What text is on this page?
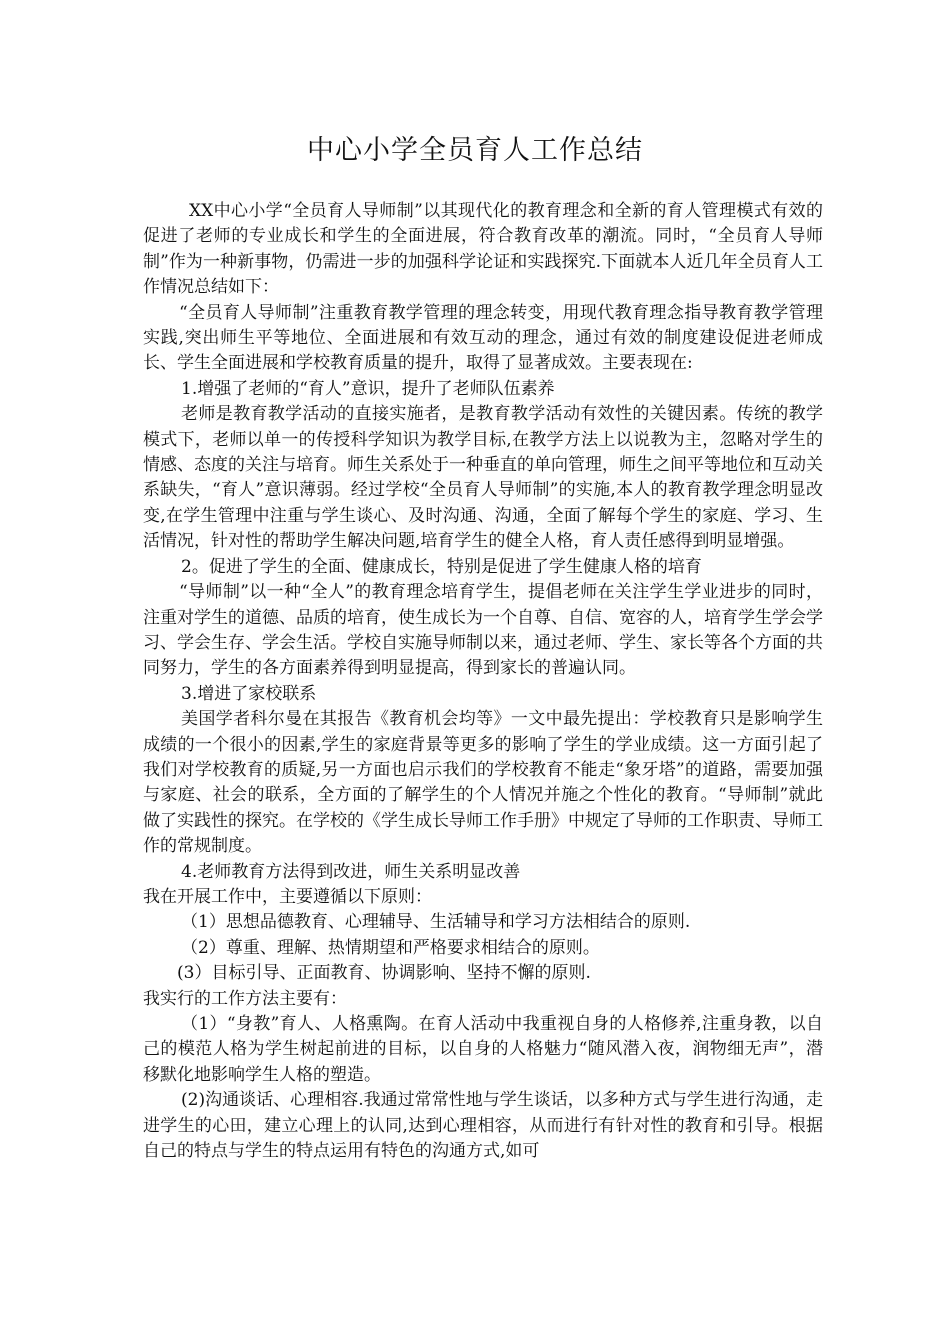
中心小学全员育人工作总结

XX中心小学“全员育人导师制”以其现代化的教育理念和全新的育人管理模式有效的促进了老师的专业成长和学生的全面进展，符合教育改革的潮流。同时，“全员育人导师制”作为一种新事物，仍需进一步的加强科学论证和实践探究.下面就本人近几年全员育人工作情况总结如下：

“全员育人导师制”注重教育教学管理的理念转变，用现代教育理念指导教育教学管理实践,突出师生平等地位、全面进展和有效互动的理念，通过有效的制度建设促进老师成长、学生全面进展和学校教育质量的提升，取得了显著成效。主要表现在:

1.增强了老师的“育人”意识，提升了老师队伍素养

老师是教育教学活动的直接实施者，是教育教学活动有效性的关键因素。传统的教学模式下，老师以单一的传授科学知识为教学目标,在教学方法上以说教为主，忽略对学生的情感、态度的关注与培育。师生关系处于一种垂直的单向管理，师生之间平等地位和互动关系缺失，“育人”意识薄弱。经过学校“全员育人导师制”的实施,本人的教育教学理念明显改变,在学生管理中注重与学生谈心、及时沟通、沟通，全面了解每个学生的家庭、学习、生活情况，针对性的帮助学生解决问题,培育学生的健全人格，育人责任感得到明显增强。

2。促进了学生的全面、健康成长，特别是促进了学生健康人格的培育

“导师制”以一种“全人”的教育理念培育学生，提倡老师在关注学生学业进步的同时，注重对学生的道德、品质的培育，使生成长为一个自尊、自信、宽容的人，培育学生学会学习、学会生存、学会生活。学校自实施导师制以来，通过老师、学生、家长等各个方面的共同努力，学生的各方面素养得到明显提高，得到家长的普遍认同。

3.增进了家校联系

美国学者科尔曼在其报告《教育机会均等》一文中最先提出：学校教育只是影响学生成绩的一个很小的因素,学生的家庭背景等更多的影响了学生的学业成绩。这一方面引起了我们对学校教育的质疑,另一方面也启示我们的学校教育不能走“象牙塔”的道路，需要加强与家庭、社会的联系，全方面的了解学生的个人情况并施之个性化的教育。“导师制”就此做了实践性的探究。在学校的《学生成长导师工作手册》中规定了导师的工作职责、导师工作的常规制度。

4.老师教育方法得到改进，师生关系明显改善

我在开展工作中，主要遵循以下原则：

（1）思想品德教育、心理辅导、生活辅导和学习方法相结合的原则.

（2）尊重、理解、热情期望和严格要求相结合的原则。

(3）目标引导、正面教育、协调影响、坚持不懈的原则.

我实行的工作方法主要有：

（1）“身教”育人、人格熏陶。在育人活动中我重视自身的人格修养,注重身教，以自己的模范人格为学生树起前进的目标，以自身的人格魅力“随风潜入夜，润物细无声”，潜移默化地影响学生人格的塑造。

(2)沟通谈话、心理相容.我通过常常性地与学生谈话，以多种方式与学生进行沟通，走进学生的心田，建立心理上的认同,达到心理相容，从而进行有针对性的教育和引导。根据自己的特点与学生的特点运用有特色的沟通方式,如可
